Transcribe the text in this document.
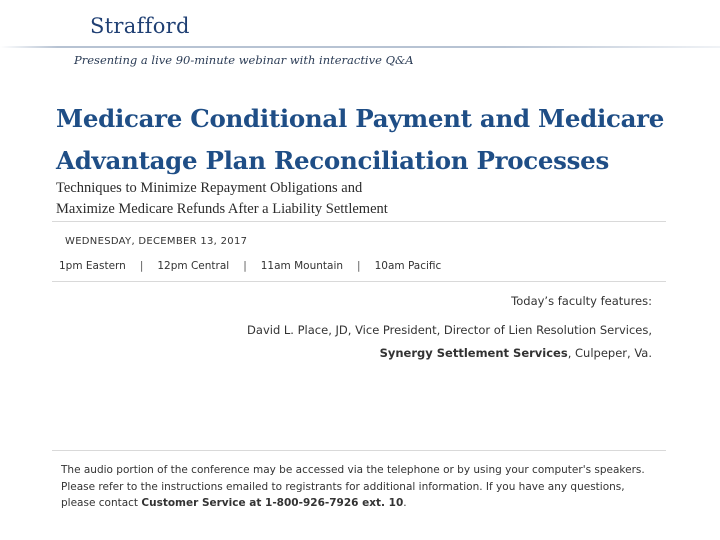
Strafford
Presenting a live 90-minute webinar with interactive Q&A
Medicare Conditional Payment and Medicare
Advantage Plan Reconciliation Processes
Techniques to Minimize Repayment Obligations and
Maximize Medicare Refunds After a Liability Settlement
WEDNESDAY, DECEMBER 13, 2017
1pm Eastern | 12pm Central | 11am Mountain | 10am Pacific
Today’s faculty features:
David L. Place, JD, Vice President, Director of Lien Resolution Services,
Synergy Settlement Services, Culpeper, Va.
The audio portion of the conference may be accessed via the telephone or by using your computer's speakers. Please refer to the instructions emailed to registrants for additional information. If you have any questions, please contact Customer Service at 1-800-926-7926 ext. 10.
